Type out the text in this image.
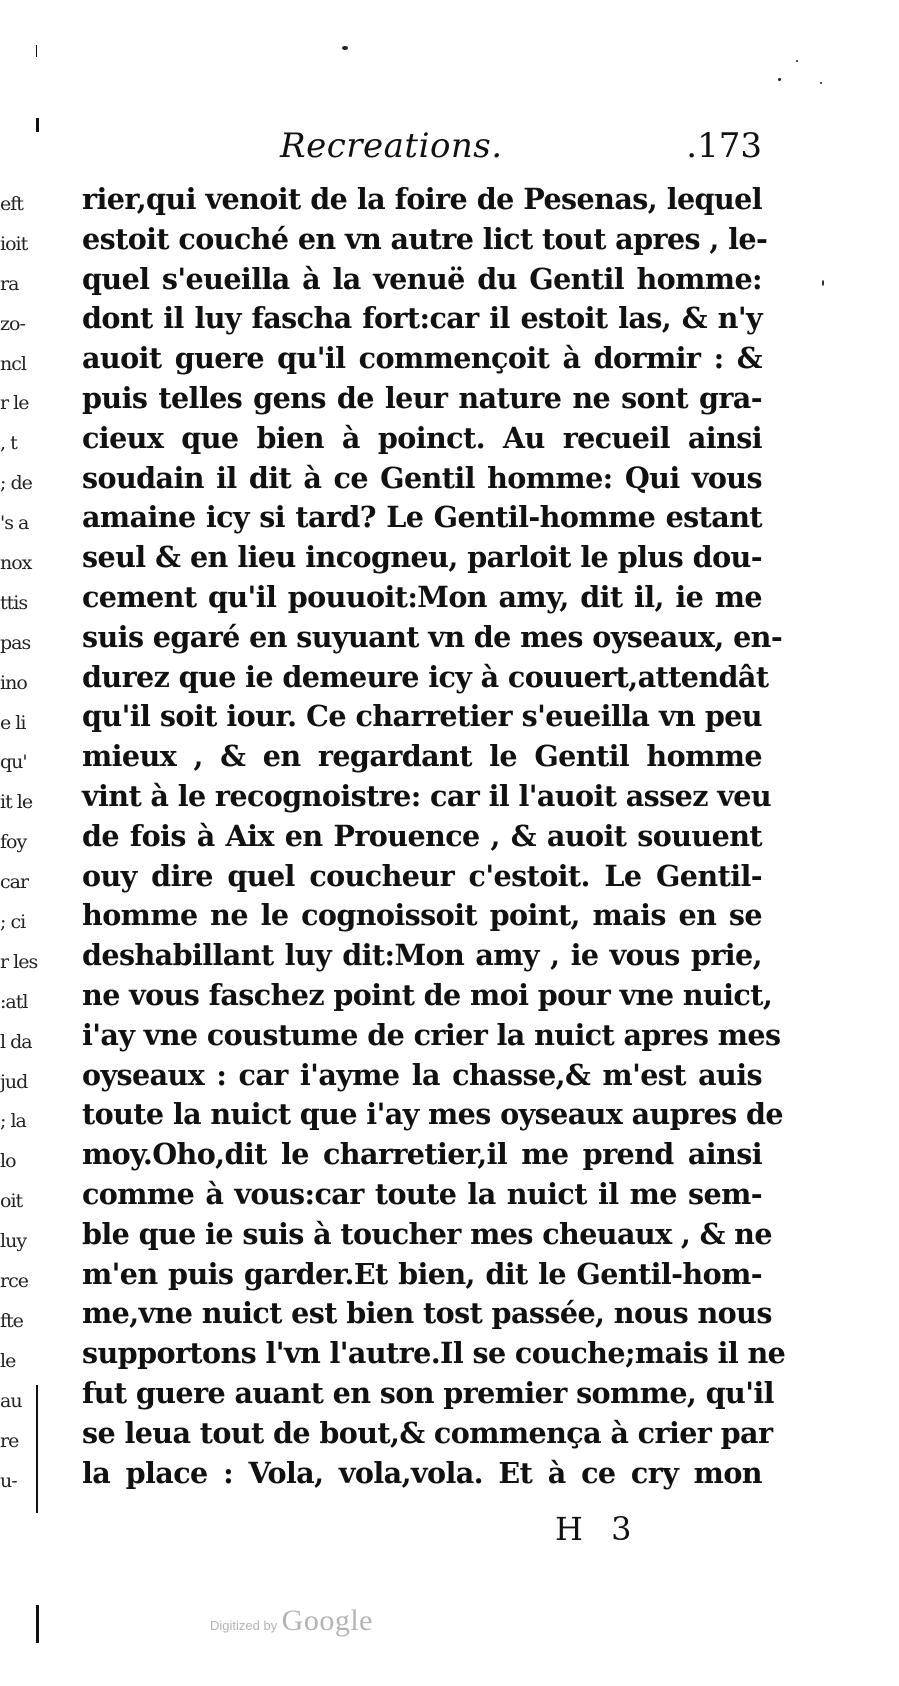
eft
ioit
ra
zo-
ncl
r le
, t
; de
's a
nox
ttis
pas
ino
e li
qu'
it le
foy
car
; ci
r les
:atl
l da
jud
; la
lo
oit
luy
rce
fte
le
au
re
u-
Recreations.	.173
rier,qui venoit de la foire de Pesenas, lequel
estoit couché en vn autre lict tout apres , le-
quel s'eueilla à la venuë du Gentil homme:
dont il luy fascha fort:car il estoit las, & n'y
auoit guere qu'il commençoit à dormir : &
puis telles gens de leur nature ne sont gra-
cieux que bien à poinct. Au recueil ainsi
soudain il dit à ce Gentil homme: Qui vous
amaine icy si tard? Le Gentil-homme estant
seul & en lieu incogneu, parloit le plus dou-
cement qu'il pouuoit:Mon amy, dit il, ie me
suis egaré en suyuant vn de mes oyseaux, en-
durez que ie demeure icy à couuert,attendât
qu'il soit iour. Ce charretier s'eueilla vn peu
mieux , & en regardant le Gentil homme
vint à le recognoistre: car il l'auoit assez veu
de fois à Aix en Prouence , & auoit souuent
ouy dire quel coucheur c'estoit. Le Gentil-
homme ne le cognoissoit point, mais en se
deshabillant luy dit:Mon amy , ie vous prie,
ne vous faschez point de moi pour vne nuict,
i'ay vne coustume de crier la nuict apres mes
oyseaux : car i'ayme la chasse,& m'est auis
toute la nuict que i'ay mes oyseaux aupres de
moy.Oho,dit le charretier,il me prend ainsi
comme à vous:car toute la nuict il me sem-
ble que ie suis à toucher mes cheuaux , & ne
m'en puis garder.Et bien, dit le Gentil-hom-
me,vne nuict est bien tost passée, nous nous
supportons l'vn l'autre.Il se couche;mais il ne
fut guere auant en son premier somme, qu'il
se leua tout de bout,& commença à crier par
la place : Vola, vola,vola. Et à ce cry mon
H 3
Digitized by Google
